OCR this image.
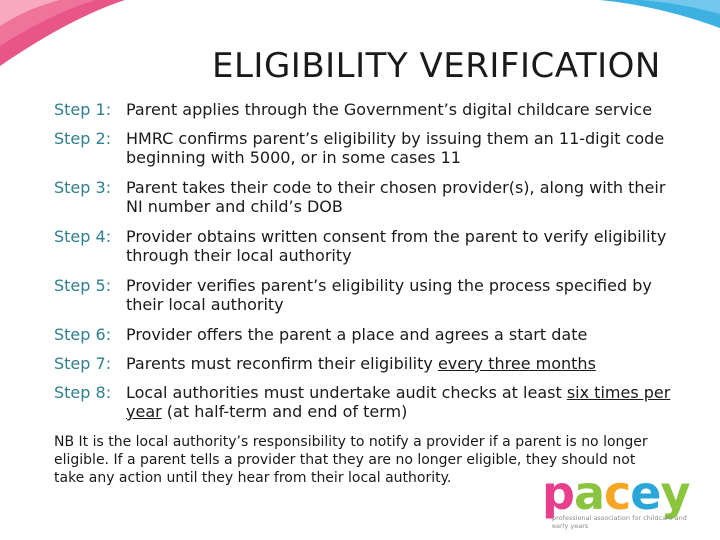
ELIGIBILITY VERIFICATION
Step 1: Parent applies through the Government’s digital childcare service
Step 2: HMRC confirms parent’s eligibility by issuing them an 11-digit code beginning with 5000, or in some cases 11
Step 3: Parent takes their code to their chosen provider(s), along with their NI number and child’s DOB
Step 4: Provider obtains written consent from the parent to verify eligibility through their local authority
Step 5: Provider verifies parent’s eligibility using the process specified by their local authority
Step 6: Provider offers the parent a place and agrees a start date
Step 7: Parents must reconfirm their eligibility every three months
Step 8: Local authorities must undertake audit checks at least six times per year (at half-term and end of term)
NB It is the local authority’s responsibility to notify a provider if a parent is no longer eligible. If a parent tells a provider that they are no longer eligible, they should not take any action until they hear from their local authority.	pacey
professional association for childcare and early years
